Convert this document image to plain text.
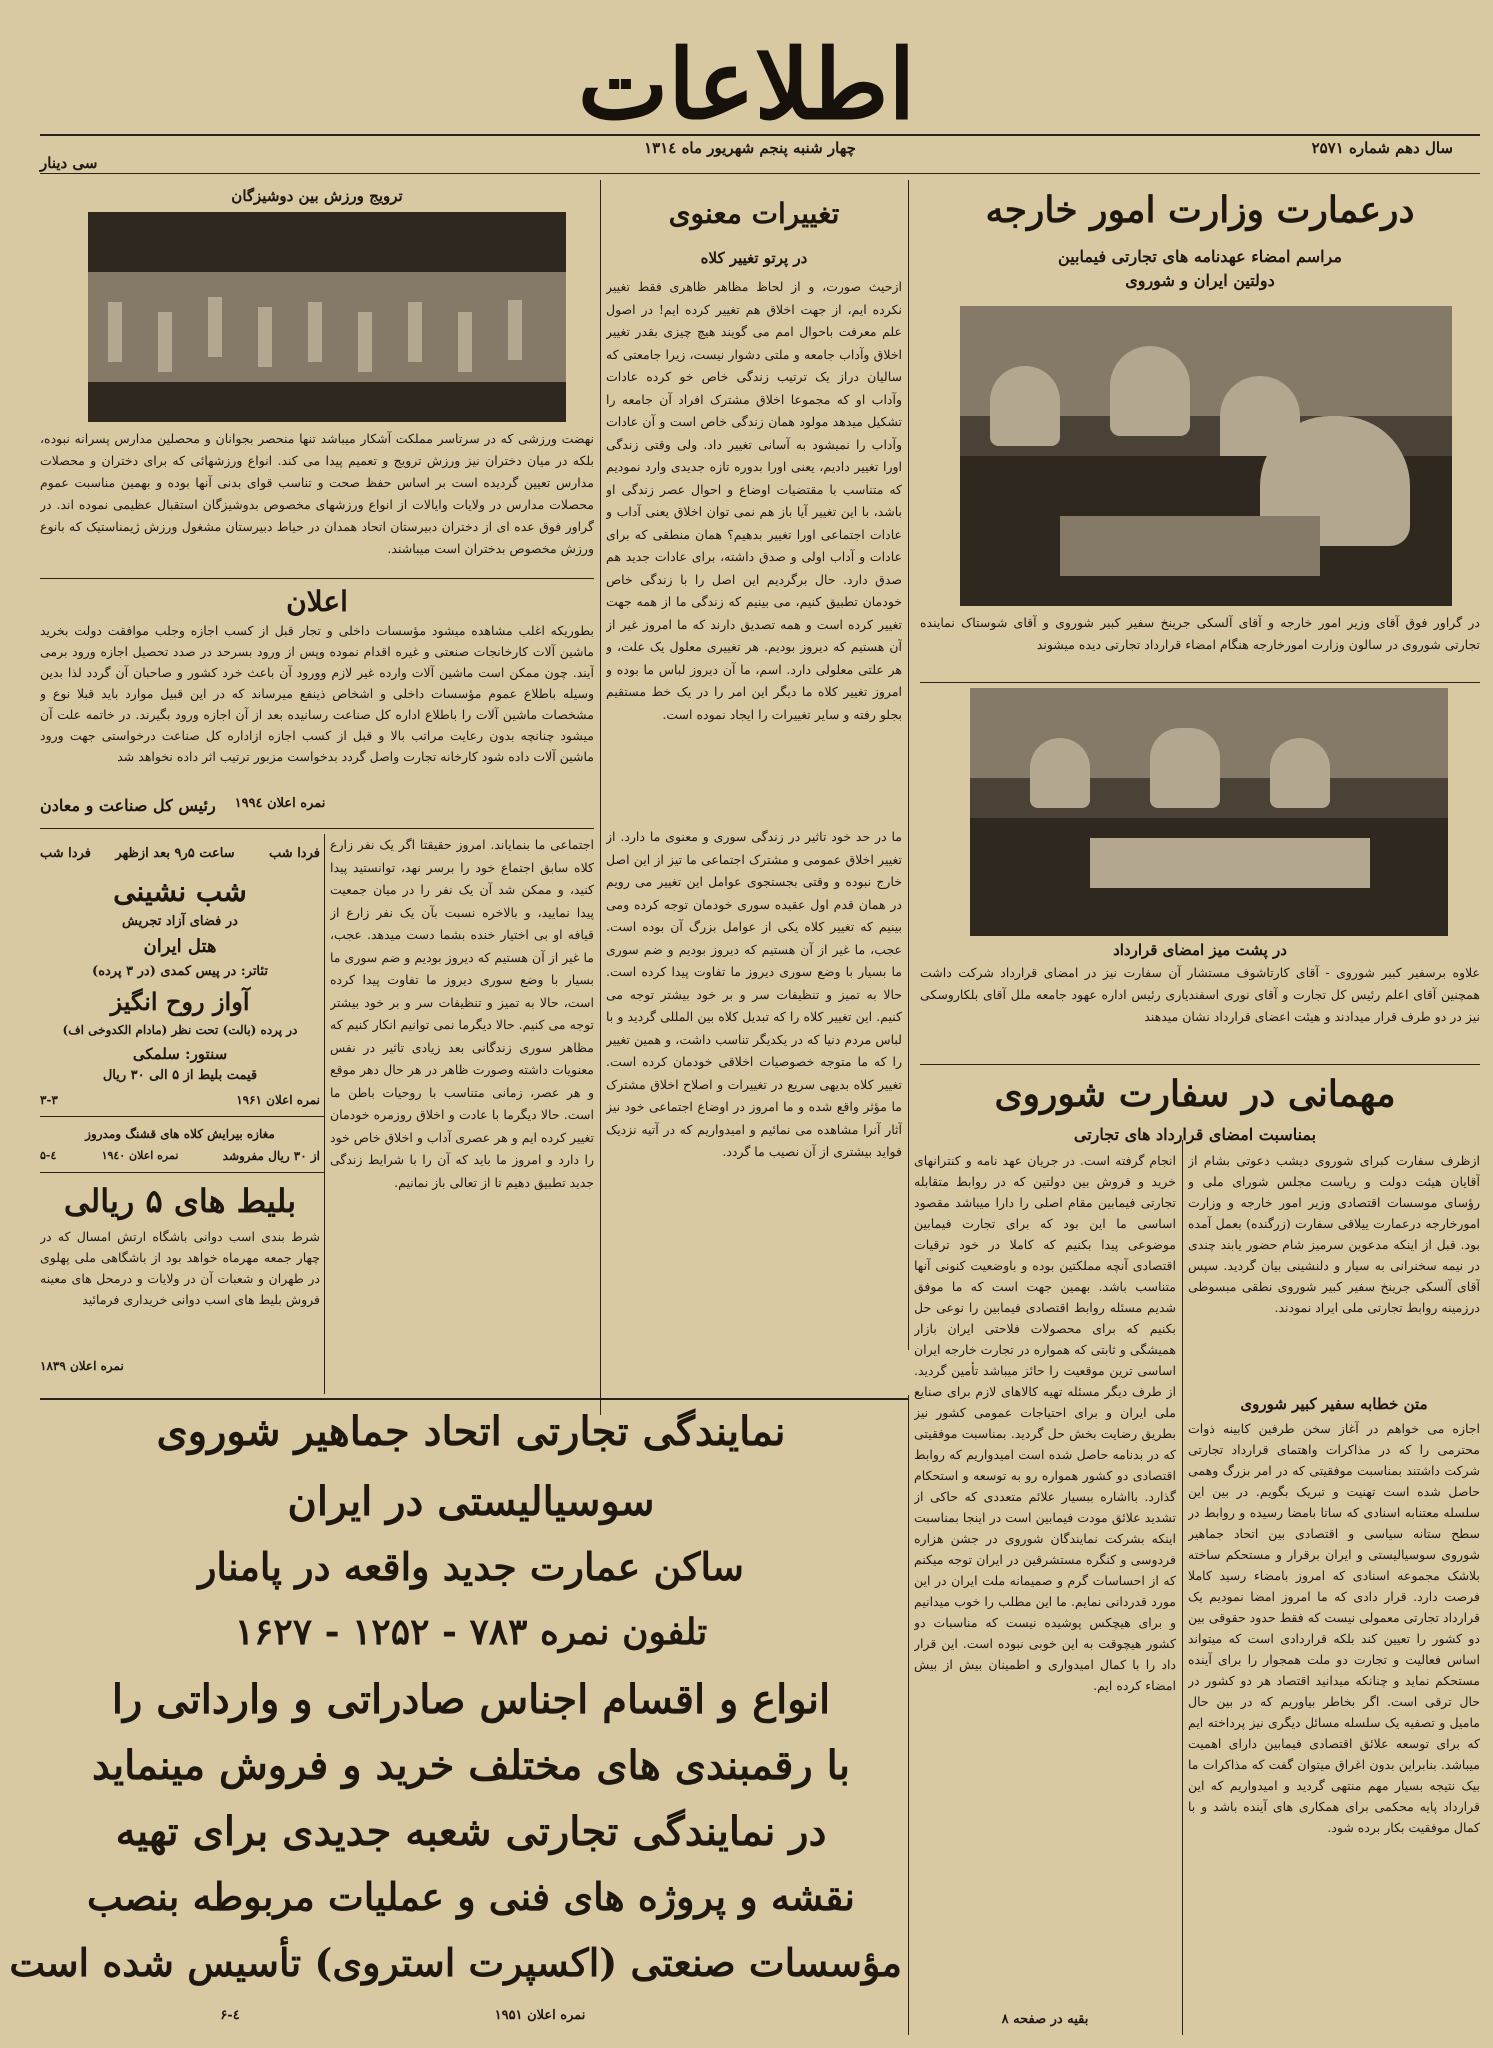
اطلاعات
سال دهم شماره ۲۵۷۱
چهار شنبه پنجم شهریور ماه ۱۳۱٤
سی دینار
درعمارت وزارت امور خارجه
مراسم امضاء عهدنامه های تجارتی فیمابین
دولتین ایران و شوروی
در گراور فوق آقای وزیر امور خارجه و آقای آلسکی جرینخ سفیر کبیر شوروی و آقای شوستاک نماینده تجارتی شوروی در سالون وزارت امورخارجه هنگام امضاء قرارداد تجارتی دیده میشوند
در پشت میز امضای قرارداد
علاوه برسفیر کبیر شوروی - آقای کارتاشوف مستشار آن سفارت نیز در امضای قرارداد شرکت داشت همچنین آقای اعلم رئیس کل تجارت و آقای نوری اسفندیاری رئیس اداره عهود جامعه ملل آقای بلکاروسکی نیز در دو طرف قرار میدادند و هیئت اعضای قرارداد نشان میدهند
مهمانی در سفارت شوروی
بمناسبت امضای قرارداد های تجارتی
ازظرف سفارت کبرای شوروی دیشب دعوتی بشام از آقایان هیئت دولت و ریاست مجلس شورای ملی و رؤسای موسسات اقتصادی وزیر امور خارجه و وزارت امورخارجه درعمارت ییلاقی سفارت (زرگنده) بعمل آمده بود. قبل از اینکه مدعوین سرمیز شام حضور یابند چندی در نیمه سخنرانی به سیار و دلنشینی بیان گردید. سپس آقای آلسکی جرینخ سفیر کبیر شوروی نطقی مبسوطی درزمینه روابط تجارتی ملی ایراد نمودند.
متن خطابه سفیر کبیر شوروی
اجازه می خواهم در آغاز سخن طرفین کابینه ذوات محترمی را که در مذاکرات واهتمای قرارداد تجارتی شرکت داشتند بمناسبت موفقیتی که در امر بزرگ وهمی حاصل شده است تهنیت و تبریک بگویم. در بین این سلسله معتنابه اسنادی که ساتا بامضا رسیده و روابط در سطح ستانه سیاسی و اقتصادی بین اتحاد جماهیر شوروی سوسیالیستی و ایران برقرار و مستحکم ساخته بلاشک مجموعه اسنادی که امروز بامضاء رسید کاملا فرصت دارد. قرار دادی که ما امروز امضا نمودیم یک قرارداد تجارتی معمولی نیست که فقط حدود حقوقی بین دو کشور را تعیین کند بلکه قراردادی است که میتواند اساس فعالیت و تجارت دو ملت همجوار را برای آینده مستحکم نماید و چنانکه میدانید اقتصاد هر دو کشور در حال ترقی است. اگر بخاطر بیاوریم که در بین حال مامیل و تصفیه یک سلسله مسائل دیگری نیز پرداخته ایم که برای توسعه علائق اقتصادی فیمابین دارای اهمیت میباشد. بنابراین بدون اغراق میتوان گفت که مذاکرات ما بیک نتیجه بسیار مهم منتهی گردید و امیدواریم که این قرارداد پایه محکمی برای همکاری های آینده باشد و با کمال موفقیت بکار برده شود.
انجام گرفته است. در جریان عهد نامه و کنترانهای خرید و فروش بین دولتین که در روابط متقابله تجارتی فیمابین مقام اصلی را دارا میباشد مقصود اساسی ما این بود که برای تجارت فیمابین موضوعی پیدا بکنیم که کاملا در خود ترقیات اقتصادی آنچه مملکتین بوده و باوضعیت کنونی آنها متناسب باشد. بهمین جهت است که ما موفق شدیم مسئله روابط اقتصادی فیمابین را نوعی حل بکنیم که برای محصولات فلاحتی ایران بازار همیشگی و ثابتی که همواره در تجارت خارجه ایران اساسی ترین موقعیت را حائز میباشد تأمین گردید. از طرف دیگر مسئله تهیه کالاهای لازم برای صنایع ملی ایران و برای احتیاجات عمومی کشور نیز بطریق رضایت بخش حل گردید. بمناسبت موفقیتی که در بدنامه حاصل شده است امیدواریم که روابط اقتصادی دو کشور همواره رو به توسعه و استحکام گذارد. بااشاره ببسیار علائم متعددی که حاکی از تشدید علائق مودت فیمابین است در اینجا بمناسبت اینکه بشرکت نمایندگان شوروی در جشن هزاره فردوسی و کنگره مستشرقین در ایران توجه میکنم که از احساسات گرم و صمیمانه ملت ایران در این مورد قدردانی نمایم. ما این مطلب را خوب میدانیم و برای هیچکس پوشیده نیست که مناسبات دو کشور هیچوقت به این خوبی نبوده است. این قرار داد را با کمال امیدواری و اطمینان بیش از بیش امضاء کرده ایم.
بقیه در صفحه ۸
تغییرات معنوی
در پرتو تغییر کلاه
ازحیث صورت، و از لحاظ مظاهر ظاهری فقط تغییر نکرده ایم، از جهت اخلاق هم تغییر کرده ایم! در اصول علم معرفت باحوال امم می گویند هیچ چیزی بقدر تغییر اخلاق وآداب جامعه و ملتی دشوار نیست، زیرا جامعتی که سالیان دراز یک ترتیب زندگی خاص خو کرده عادات وآداب او که مجموعا اخلاق مشترک افراد آن جامعه را تشکیل میدهد مولود همان زندگی خاص است و آن عادات وآداب را نمیشود به آسانی تغییر داد. ولی وقتی زندگی اورا تغییر دادیم، یعنی اورا بدوره تازه جدیدی وارد نمودیم که متناسب با مقتضیات اوضاع و احوال عصر زندگی او باشد، با این تغییر آیا باز هم نمی توان اخلاق یعنی آداب و عادات اجتماعی اورا تغییر بدهیم؟ همان منطقی که برای عادات و آداب اولی و صدق داشته، برای عادات جدید هم صدق دارد. حال برگردیم این اصل را با زندگی خاص خودمان تطبیق کنیم، می بینیم که زندگی ما از همه جهت تغییر کرده است و همه تصدیق دارند که ما امروز غیر از آن هستیم که دیروز بودیم. هر تغییری معلول یک علت، و هر علتی معلولی دارد. اسم، ما آن دیروز لباس ما بوده و امروز تغییر کلاه ما دیگر این امر را در یک خط مستقیم بجلو رفته و سایر تغییرات را ایجاد نموده است.
ما در حد خود تاثیر در زندگی سوری و معنوی ما دارد. از تغییر اخلاق عمومی و مشترک اجتماعی ما تیز از این اصل خارج نبوده و وقتی بجستجوی عوامل این تغییر می رویم در همان قدم اول عقیده سوری خودمان توجه کرده ومی بینیم که تغییر کلاه یکی از عوامل بزرگ آن بوده است. عجب، ما غیر از آن هستیم که دیروز بودیم و ضم سوری ما بسیار با وضع سوری دیروز ما تفاوت پیدا کرده است. حالا به تمیز و تنظیفات سر و بر خود بیشتر توجه می کنیم. این تغییر کلاه را که تبدیل کلاه بین المللی گردید و با لباس مردم دنیا که در یکدیگر تناسب داشت، و همین تغییر را که ما متوجه خصوصیات اخلاقی خودمان کرده است. تغییر کلاه بدیهی سریع در تغییرات و اصلاح اخلاق مشترک ما مؤثر واقع شده و ما امروز در اوضاع اجتماعی خود نیز آثار آنرا مشاهده می نمائیم و امیدواریم که در آتیه نزدیک فواید بیشتری از آن نصیب ما گردد.
ترویج ورزش بین دوشیزگان
نهضت ورزشی که در سرتاسر مملکت آشکار میباشد تنها منحصر بجوانان و محصلین مدارس پسرانه نبوده، بلکه در میان دختران نیز ورزش ترویج و تعمیم پیدا می کند. انواع ورزشهائی که برای دختران و محصلات مدارس تعیین گردیده است بر اساس حفظ صحت و تناسب قوای بدنی آنها بوده و بهمین مناسبت عموم محصلات مدارس در ولایات وایالات از انواع ورزشهای مخصوص بدوشیزگان استقبال عظیمی نموده اند. در گراور فوق عده ای از دختران دبیرستان اتحاد همدان در حیاط دبیرستان مشغول ورزش ژیمناستیک که بانوع ورزش مخصوص بدختران است میباشند.
اعلان
بطوریکه اغلب مشاهده میشود مؤسسات داخلی و تجار قبل از کسب اجازه وجلب موافقت دولت بخرید ماشین آلات کارخانجات صنعتی و غیره اقدام نموده وپس از ورود بسرحد در صدد تحصیل اجازه ورود برمی آیند. چون ممکن است ماشین آلات وارده غیر لازم وورود آن باعث خرد کشور و صاحبان آن گردد لذا بدین وسیله باطلاع عموم مؤسسات داخلی و اشخاص ذینفع میرساند که در این قبیل موارد باید قبلا نوع و مشخصات ماشین آلات را باطلاع اداره کل صناعت رسانیده بعد از آن اجازه ورود بگیرند. در خاتمه علت آن میشود چنانچه بدون رعایت مراتب بالا و قبل از کسب اجازه ازاداره کل صناعت درخواستی جهت ورود ماشین آلات داده شود کارخانه تجارت واصل گردد بدخواست مزبور ترتیب اثر داده نخواهد شد
نمره اعلان ۱۹۹٤
رئیس کل صناعت و معادن
اجتماعی ما بنمایاند. امروز حقیقتا اگر یک نفر زارع کلاه سابق اجتماع خود را برسر نهد، توانستید پیدا کنید، و ممکن شد آن یک نفر را در میان جمعیت پیدا نمایید، و بالاخره نسبت بآن یک نفر زارع از قیافه او بی اختیار خنده بشما دست میدهد. عجب، ما غیر از آن هستیم که دیروز بودیم و ضم سوری ما بسیار با وضع سوری دیروز ما تفاوت پیدا کرده است، حالا به تمیز و تنظیفات سر و بر خود بیشتر توجه می کنیم. حالا دیگرما نمی توانیم انکار کنیم که مظاهر سوری زندگانی بعد زیادی تاثیر در نفس معنویات داشته وصورت ظاهر در هر حال دهر موقع و هر عصر، زمانی متناسب با روحیات باطن ما است. حالا دیگرما با عادت و اخلاق روزمره خودمان تغییر کرده ایم و هر عصری آداب و اخلاق خاص خود را دارد و امروز ما باید که آن را با شرایط زندگی جدید تطبیق دهیم تا از تعالی باز نمانیم.
فردا شب
ساعت ۵ر۹ بعد ازظهر
فردا شب
شب نشینی
در فضای آزاد تجریش
هتل ایران
تئاتر: در پیس کمدی (در ۳ پرده)
آواز روح انگیز
در پرده (بالت) تحت نظر (مادام الکدوخی اف)
سنتور: سلمکی
قیمت بلیط از ۵ الی ۳۰ ریال
نمره اعلان ۱۹۶۱
۳-۳
مغازه بیرایش کلاه های قشنگ ومدروز
از ۳۰ ریال مفروشد
نمره اعلان ۱۹٤۰
٤-۵
بلیط های ۵ ریالی
شرط بندی اسب دوانی باشگاه ارتش امسال که در چهار جمعه مهرماه خواهد بود از باشگاهی ملی پهلوی در طهران و شعبات آن در ولایات و درمحل های معینه فروش بلیط های اسب دوانی خریداری فرمائید
نمره اعلان ۱۸۳۹
نمایندگی تجارتی اتحاد جماهیر شوروی
سوسیالیستی در ایران
ساکن عمارت جدید واقعه در پامنار
تلفون نمره ۷۸۳ - ۱۲۵۲ - ۱۶۲۷
انواع و اقسام اجناس صادراتی و وارداتی را
با رقمبندی های مختلف خرید و فروش مینماید
در نمایندگی تجارتی شعبه جدیدی برای تهیه
نقشه و پروژه های فنی و عملیات مربوطه بنصب
مؤسسات صنعتی (اکسپرت استروی) تأسیس شده است
نمره اعلان ۱۹۵۱
٤-۶
